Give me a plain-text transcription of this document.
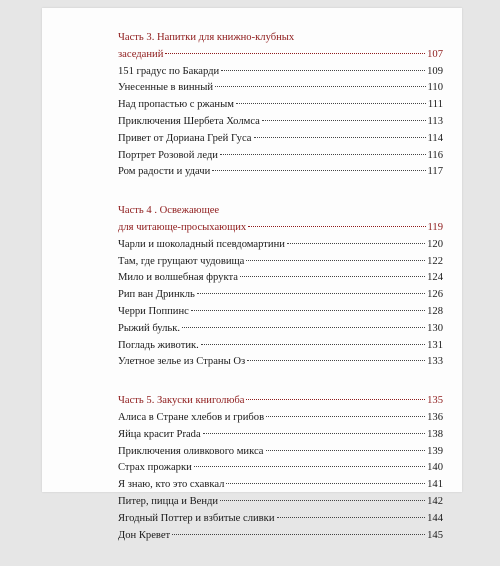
Часть 3. Напитки для книжно-клубных
заседаний	107
151 градус по Бакарди	109
Унесенные в винный	110
Над пропастью с ржаным	111
Приключения Шербета Холмса	113
Привет от Дориана Грей Гуса	114
Портрет Розовой леди	116
Ром радости и удачи	117
Часть 4 . Освежающее
для читающе-просыхающих	119
Чарли и шоколадный псевдомартини	120
Там, где грущают чудовища	122
Мило и волшебная фрукта	124
Рип ван Дринкль	126
Черри Поппинс	128
Рыжий бульк.	130
Погладь животик.	131
Улетное зелье из Страны Оз	133
Часть 5. Закуски книголюба	135
Алиса в Стране хлебов и грибов	136
Яйца красит Prada	138
Приключения оливкового микса	139
Страх прожарки	140
Я знаю, кто это схавкал	141
Питер, пицца и Венди	142
Ягодный Поттер и взбитые сливки	144
Дон Кревет	145
